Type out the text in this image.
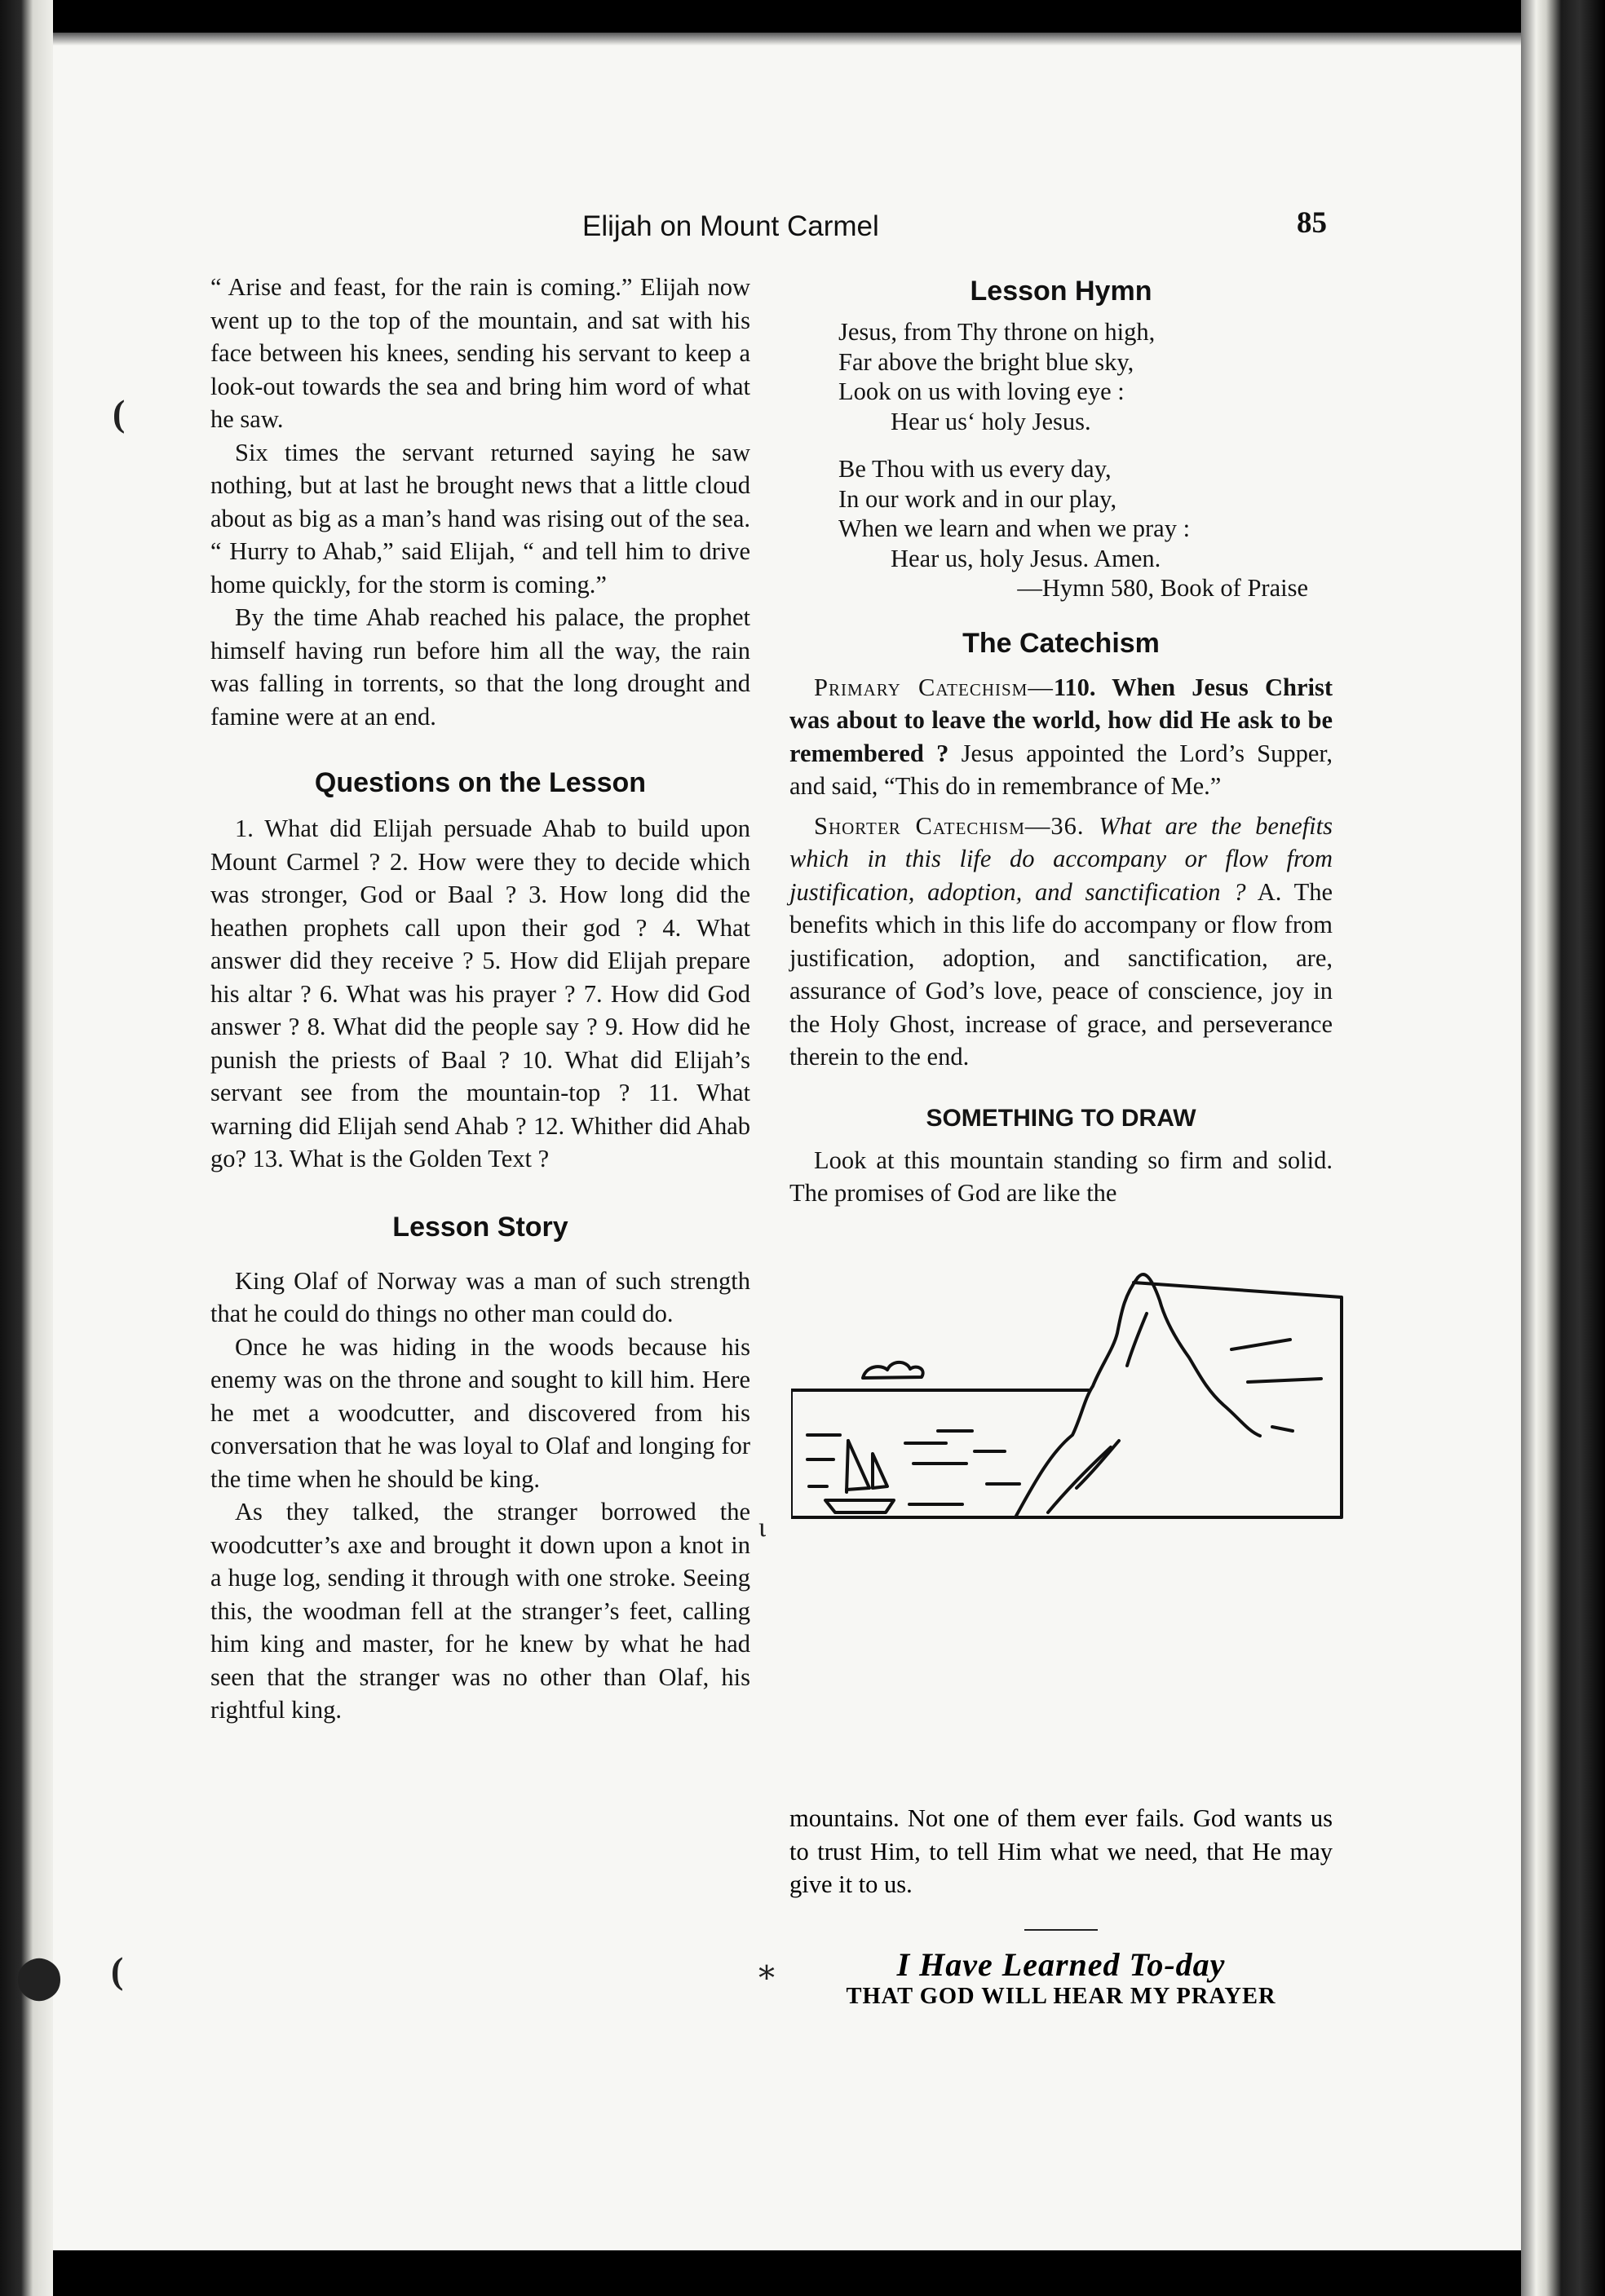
(
⬤ (
Elijah on Mount Carmel	85

“ Arise and feast, for the rain is coming.” Elijah now went up to the top of the mountain, and sat with his face between his knees, sending his servant to keep a look-out towards the sea and bring him word of what he saw.

Six times the servant returned saying he saw nothing, but at last he brought news that a little cloud about as big as a man’s hand was rising out of the sea. “ Hurry to Ahab,” said Elijah, “ and tell him to drive home quickly, for the storm is coming.”

By the time Ahab reached his palace, the prophet himself having run before him all the way, the rain was falling in torrents, so that the long drought and famine were at an end.

Questions on the Lesson

1. What did Elijah persuade Ahab to build upon Mount Carmel ? 2. How were they to decide which was stronger, God or Baal ? 3. How long did the heathen prophets call upon their god ? 4. What answer did they receive ? 5. How did Elijah prepare his altar ? 6. What was his prayer ? 7. How did God answer ? 8. What did the people say ? 9. How did he punish the priests of Baal ? 10. What did Elijah’s servant see from the mountain-top ? 11. What warning did Elijah send Ahab ? 12. Whither did Ahab go? 13. What is the Golden Text ?

Lesson Story

King Olaf of Norway was a man of such strength that he could do things no other man could do.

Once he was hiding in the woods because his enemy was on the throne and sought to kill him. Here he met a woodcutter, and discovered from his conversation that he was loyal to Olaf and longing for the time when he should be king.

As they talked, the stranger borrowed the woodcutter’s axe and brought it down upon a knot in a huge log, sending it through with one stroke. Seeing this, the woodman fell at the stranger’s feet, calling him king and master, for he knew by what he had seen that the stranger was no other than Olaf, his rightful king.

Lesson Hymn
Jesus, from Thy throne on high,
Far above the bright blue sky,
Look on us with loving eye :
Hear us‘ holy Jesus.
Be Thou with us every day,
In our work and in our play,
When we learn and when we pray :
Hear us, holy Jesus. Amen.
—Hymn 580, Book of Praise
The Catechism

Primary Catechism—110. When Jesus Christ was about to leave the world, how did He ask to be remembered ? Jesus appointed the Lord’s Supper, and said, “This do in remembrance of Me.”

Shorter Catechism—36. What are the benefits which in this life do accompany or flow from justification, adoption, and sanctification ? A. The benefits which in this life do accompany or flow from justification, adoption, and sanctification, are, assurance of God’s love, peace of conscience, joy in the Holy Ghost, increase of grace, and perseverance therein to the end.

SOMETHING TO DRAW

Look at this mountain standing so firm and solid. The promises of God are like the

mountains. Not one of them ever fails. God wants us to trust Him, to tell Him what we need, that He may give it to us.

I Have Learned To-day
THAT GOD WILL HEAR MY PRAYER
ι
⁎
